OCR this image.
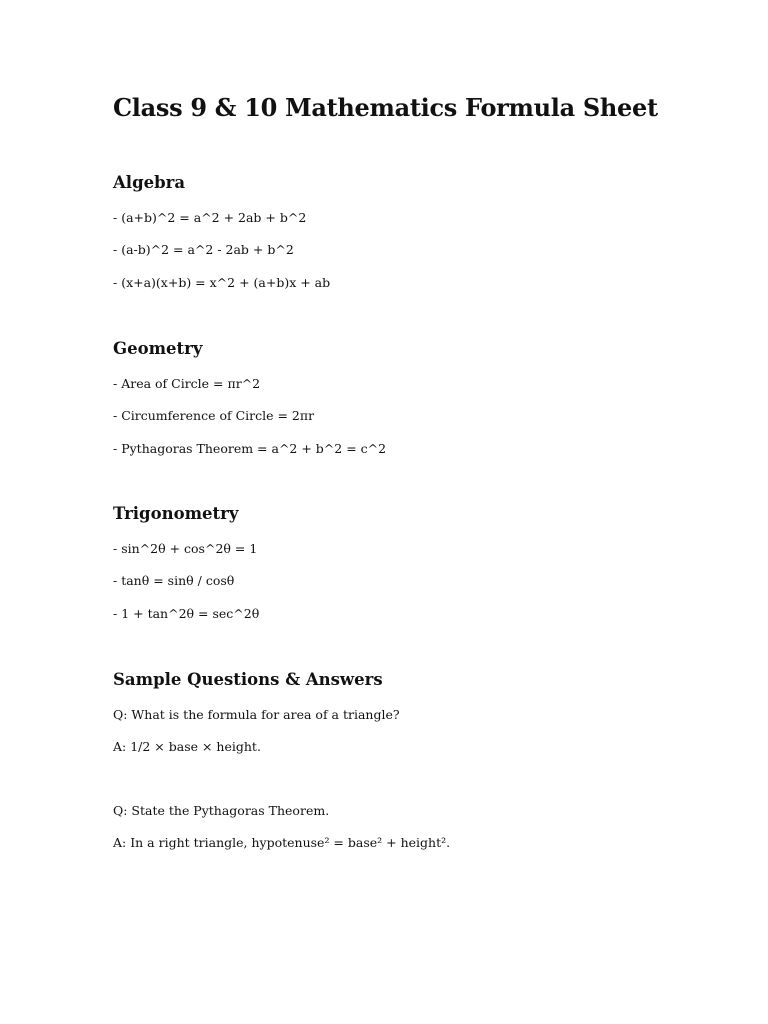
Class 9 & 10 Mathematics Formula Sheet
Algebra

- (a+b)^2 = a^2 + 2ab + b^2

- (a-b)^2 = a^2 - 2ab + b^2

- (x+a)(x+b) = x^2 + (a+b)x + ab

Geometry

- Area of Circle = πr^2

- Circumference of Circle = 2πr

- Pythagoras Theorem = a^2 + b^2 = c^2

Trigonometry

- sin^2θ + cos^2θ = 1

- tanθ = sinθ / cosθ

- 1 + tan^2θ = sec^2θ

Sample Questions & Answers

Q: What is the formula for area of a triangle?

A: 1/2 × base × height.

Q: State the Pythagoras Theorem.

A: In a right triangle, hypotenuse² = base² + height².
